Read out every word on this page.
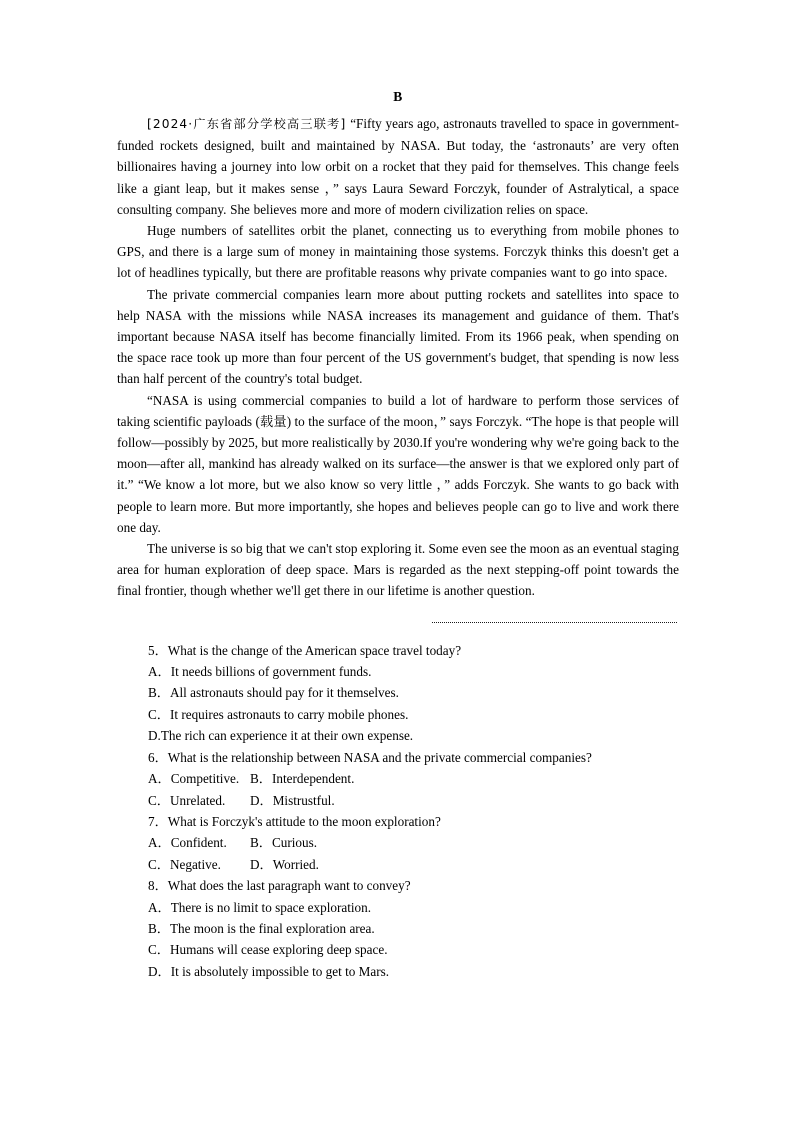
B

[2024·广东省部分学校高三联考] “Fifty years ago, astronauts travelled to space in government-funded rockets designed, built and maintained by NASA. But today, the ‘astronauts’ are very often billionaires having a journey into low orbit on a rocket that they paid for themselves. This change feels like a giant leap, but it makes sense ，” says Laura Seward Forczyk, founder of Astralytical, a space consulting company. She believes more and more of modern civilization relies on space.

Huge numbers of satellites orbit the planet, connecting us to everything from mobile phones to GPS, and there is a large sum of money in maintaining those systems. Forczyk thinks this doesn't get a lot of headlines typically, but there are profitable reasons why private companies want to go into space.

The private commercial companies learn more about putting rockets and satellites into space to help NASA with the missions while NASA increases its management and guidance of them. That's important because NASA itself has become financially limited. From its 1966 peak, when spending on the space race took up more than four percent of the US government's budget, that spending is now less than half percent of the country's total budget.

“NASA is using commercial companies to build a lot of hardware to perform those services of taking scientific payloads (载量) to the surface of the moon，” says Forczyk. “The hope is that people will follow—possibly by 2025, but more realistically by 2030.If you're wondering why we're going back to the moon—after all, mankind has already walked on its surface—the answer is that we explored only part of it.” “We know a lot more, but we also know so very little ，” adds Forczyk. She wants to go back with people to learn more. But more importantly, she hopes and believes people can go to live and work there one day.

The universe is so big that we can't stop exploring it. Some even see the moon as an eventual staging area for human exploration of deep space. Mars is regarded as the next stepping-off point towards the final frontier, though whether we'll get there in our lifetime is another question.

5．What is the change of the American space travel today?

A．It needs billions of government funds.

B．All astronauts should pay for it themselves.

C．It requires astronauts to carry mobile phones.

D.The rich can experience it at their own expense.

6．What is the relationship between NASA and the private commercial companies?

A．Competitive. B．Interdependent.

C．Unrelated. D．Mistrustful.

7．What is Forczyk's attitude to the moon exploration?

A．Confident. B．Curious.

C．Negative. D．Worried.

8．What does the last paragraph want to convey?

A．There is no limit to space exploration.

B．The moon is the final exploration area.

C．Humans will cease exploring deep space.

D．It is absolutely impossible to get to Mars.
